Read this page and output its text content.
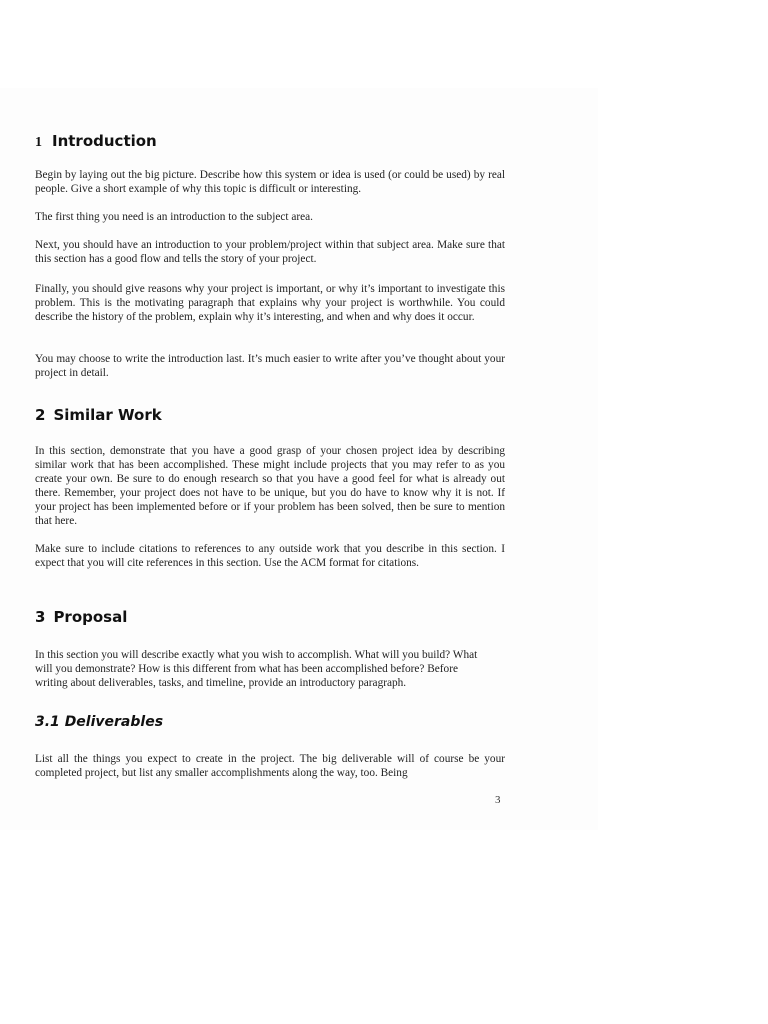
1 Introduction

Begin by laying out the big picture. Describe how this system or idea is used (or could be used) by real people. Give a short example of why this topic is difficult or interesting.

The first thing you need is an introduction to the subject area.

Next, you should have an introduction to your problem/project within that subject area. Make sure that this section has a good flow and tells the story of your project.

Finally, you should give reasons why your project is important, or why it’s important to investigate this problem. This is the motivating paragraph that explains why your project is worthwhile. You could describe the history of the problem, explain why it’s interesting, and when and why does it occur.

You may choose to write the introduction last. It’s much easier to write after you’ve thought about your project in detail.

2 Similar Work

In this section, demonstrate that you have a good grasp of your chosen project idea by describing similar work that has been accomplished. These might include projects that you may refer to as you create your own. Be sure to do enough research so that you have a good feel for what is already out there. Remember, your project does not have to be unique, but you do have to know why it is not. If your project has been implemented before or if your problem has been solved, then be sure to mention that here.

Make sure to include citations to references to any outside work that you describe in this section. I expect that you will cite references in this section. Use the ACM format for citations.

3 Proposal

In this section you will describe exactly what you wish to accomplish. What will you build? What will you demonstrate? How is this different from what has been accomplished before? Before writing about deliverables, tasks, and timeline, provide an introductory paragraph.

3.1 Deliverables

List all the things you expect to create in the project. The big deliverable will of course be your completed project, but list any smaller accomplishments along the way, too. Being

3
